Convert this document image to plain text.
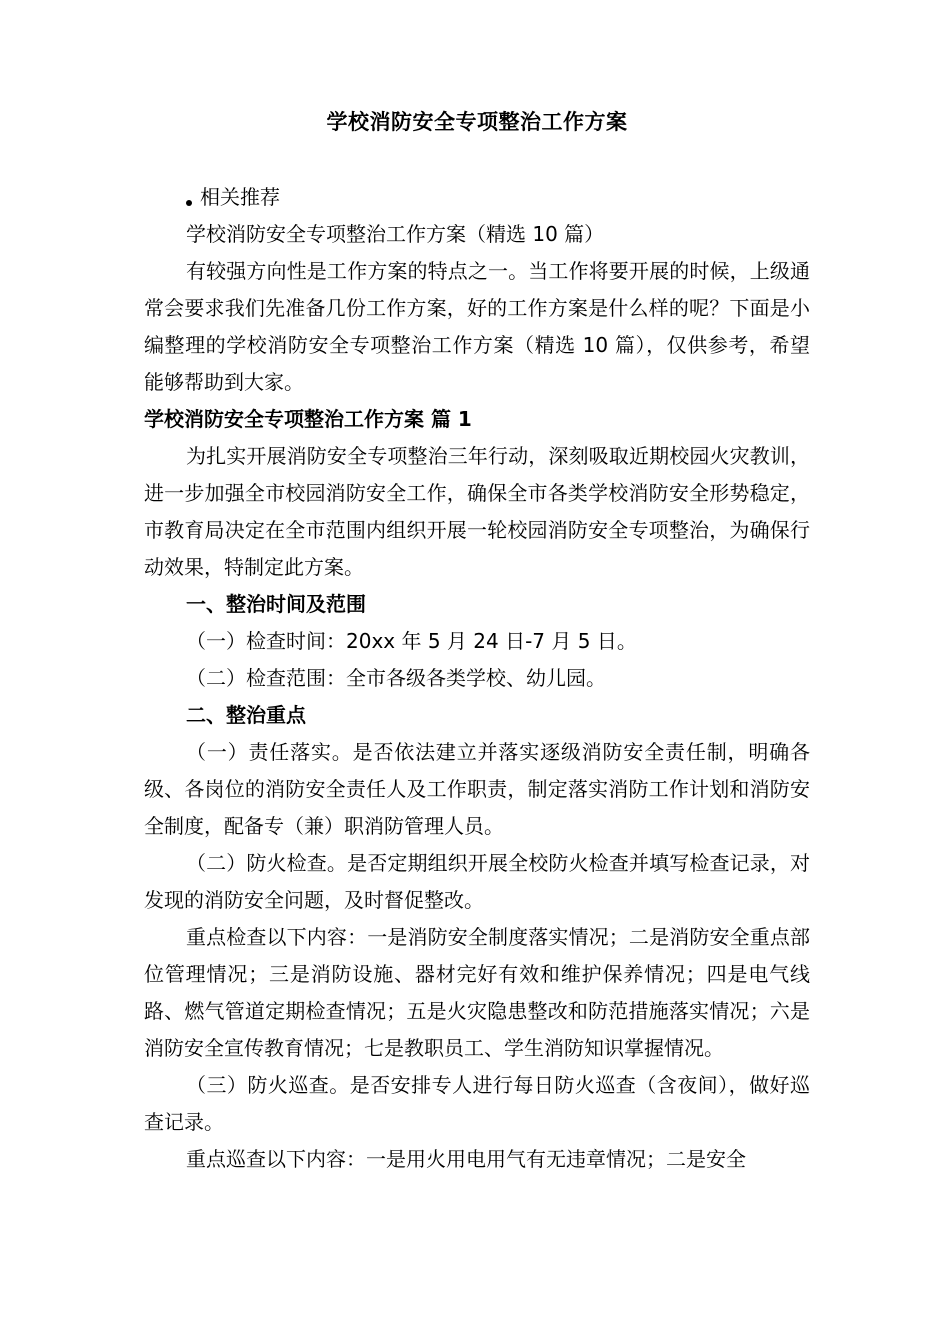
学校消防安全专项整治工作方案

相关推荐

学校消防安全专项整治工作方案（精选 10 篇）

有较强方向性是工作方案的特点之一。当工作将要开展的时候，上级通常会要求我们先准备几份工作方案，好的工作方案是什么样的呢？下面是小编整理的学校消防安全专项整治工作方案（精选 10 篇），仅供参考，希望能够帮助到大家。

学校消防安全专项整治工作方案 篇 1

为扎实开展消防安全专项整治三年行动，深刻吸取近期校园火灾教训，进一步加强全市校园消防安全工作，确保全市各类学校消防安全形势稳定，市教育局决定在全市范围内组织开展一轮校园消防安全专项整治，为确保行动效果，特制定此方案。

一、整治时间及范围

（一）检查时间：20xx 年 5 月 24 日-7 月 5 日。

（二）检查范围：全市各级各类学校、幼儿园。

二、整治重点

（一）责任落实。是否依法建立并落实逐级消防安全责任制，明确各级、各岗位的消防安全责任人及工作职责，制定落实消防工作计划和消防安全制度，配备专（兼）职消防管理人员。

（二）防火检查。是否定期组织开展全校防火检查并填写检查记录，对发现的消防安全问题，及时督促整改。

重点检查以下内容：一是消防安全制度落实情况；二是消防安全重点部位管理情况；三是消防设施、器材完好有效和维护保养情况；四是电气线路、燃气管道定期检查情况；五是火灾隐患整改和防范措施落实情况；六是消防安全宣传教育情况；七是教职员工、学生消防知识掌握情况。

（三）防火巡查。是否安排专人进行每日防火巡查（含夜间），做好巡查记录。

重点巡查以下内容：一是用火用电用气有无违章情况；二是安全
